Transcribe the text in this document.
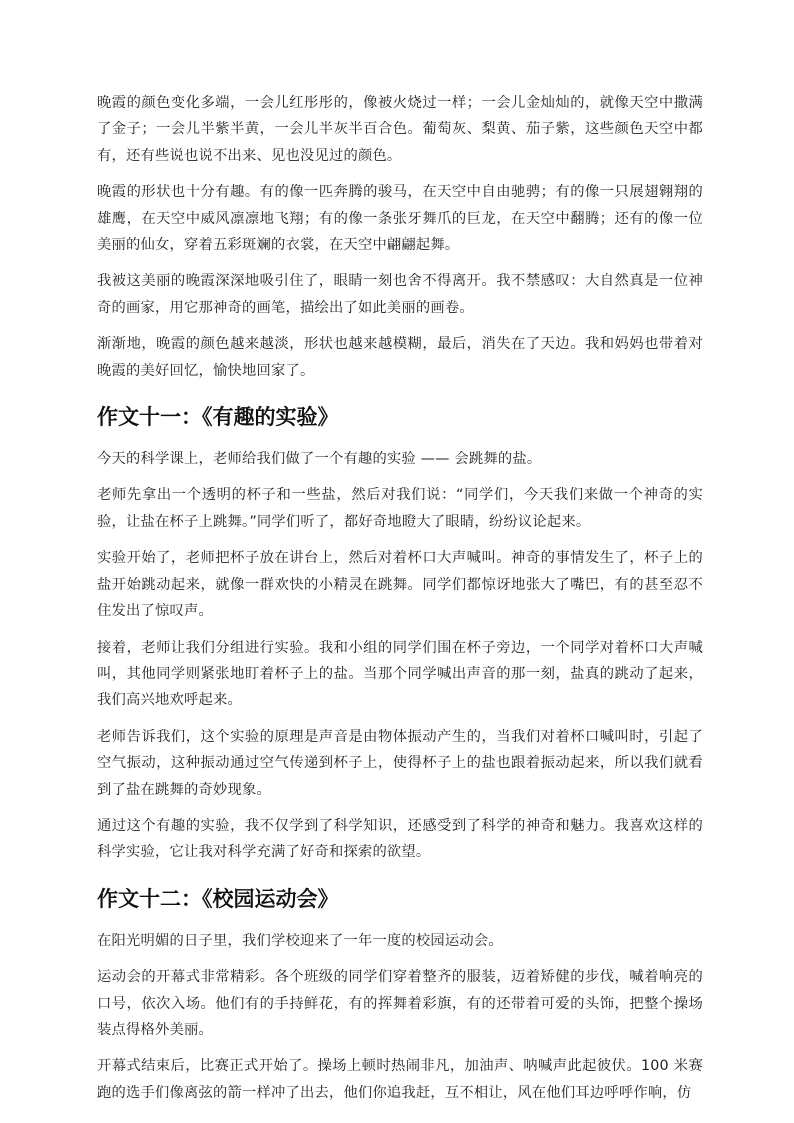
晚霞的颜色变化多端，一会儿红彤彤的，像被火烧过一样；一会儿金灿灿的，就像天空中撒满了金子；一会儿半紫半黄，一会儿半灰半百合色。葡萄灰、梨黄、茄子紫，这些颜色天空中都有，还有些说也说不出来、见也没见过的颜色。

晚霞的形状也十分有趣。有的像一匹奔腾的骏马，在天空中自由驰骋；有的像一只展翅翱翔的雄鹰，在天空中威风凛凛地飞翔；有的像一条张牙舞爪的巨龙，在天空中翻腾；还有的像一位美丽的仙女，穿着五彩斑斓的衣裳，在天空中翩翩起舞。

我被这美丽的晚霞深深地吸引住了，眼睛一刻也舍不得离开。我不禁感叹：大自然真是一位神奇的画家，用它那神奇的画笔，描绘出了如此美丽的画卷。

渐渐地，晚霞的颜色越来越淡，形状也越来越模糊，最后，消失在了天边。我和妈妈也带着对晚霞的美好回忆，愉快地回家了。

作文十一：《有趣的实验》

今天的科学课上，老师给我们做了一个有趣的实验 —— 会跳舞的盐。

老师先拿出一个透明的杯子和一些盐，然后对我们说：“同学们，今天我们来做一个神奇的实验，让盐在杯子上跳舞。”同学们听了，都好奇地瞪大了眼睛，纷纷议论起来。

实验开始了，老师把杯子放在讲台上，然后对着杯口大声喊叫。神奇的事情发生了，杯子上的盐开始跳动起来，就像一群欢快的小精灵在跳舞。同学们都惊讶地张大了嘴巴，有的甚至忍不住发出了惊叹声。

接着，老师让我们分组进行实验。我和小组的同学们围在杯子旁边，一个同学对着杯口大声喊叫，其他同学则紧张地盯着杯子上的盐。当那个同学喊出声音的那一刻，盐真的跳动了起来，我们高兴地欢呼起来。

老师告诉我们，这个实验的原理是声音是由物体振动产生的，当我们对着杯口喊叫时，引起了空气振动，这种振动通过空气传递到杯子上，使得杯子上的盐也跟着振动起来，所以我们就看到了盐在跳舞的奇妙现象。

通过这个有趣的实验，我不仅学到了科学知识，还感受到了科学的神奇和魅力。我喜欢这样的科学实验，它让我对科学充满了好奇和探索的欲望。

作文十二：《校园运动会》

在阳光明媚的日子里，我们学校迎来了一年一度的校园运动会。

运动会的开幕式非常精彩。各个班级的同学们穿着整齐的服装，迈着矫健的步伐，喊着响亮的口号，依次入场。他们有的手持鲜花，有的挥舞着彩旗，有的还带着可爱的头饰，把整个操场装点得格外美丽。

开幕式结束后，比赛正式开始了。操场上顿时热闹非凡，加油声、呐喊声此起彼伏。100 米赛跑的选手们像离弦的箭一样冲了出去，他们你追我赶，互不相让，风在他们耳边呼呼作响，仿
